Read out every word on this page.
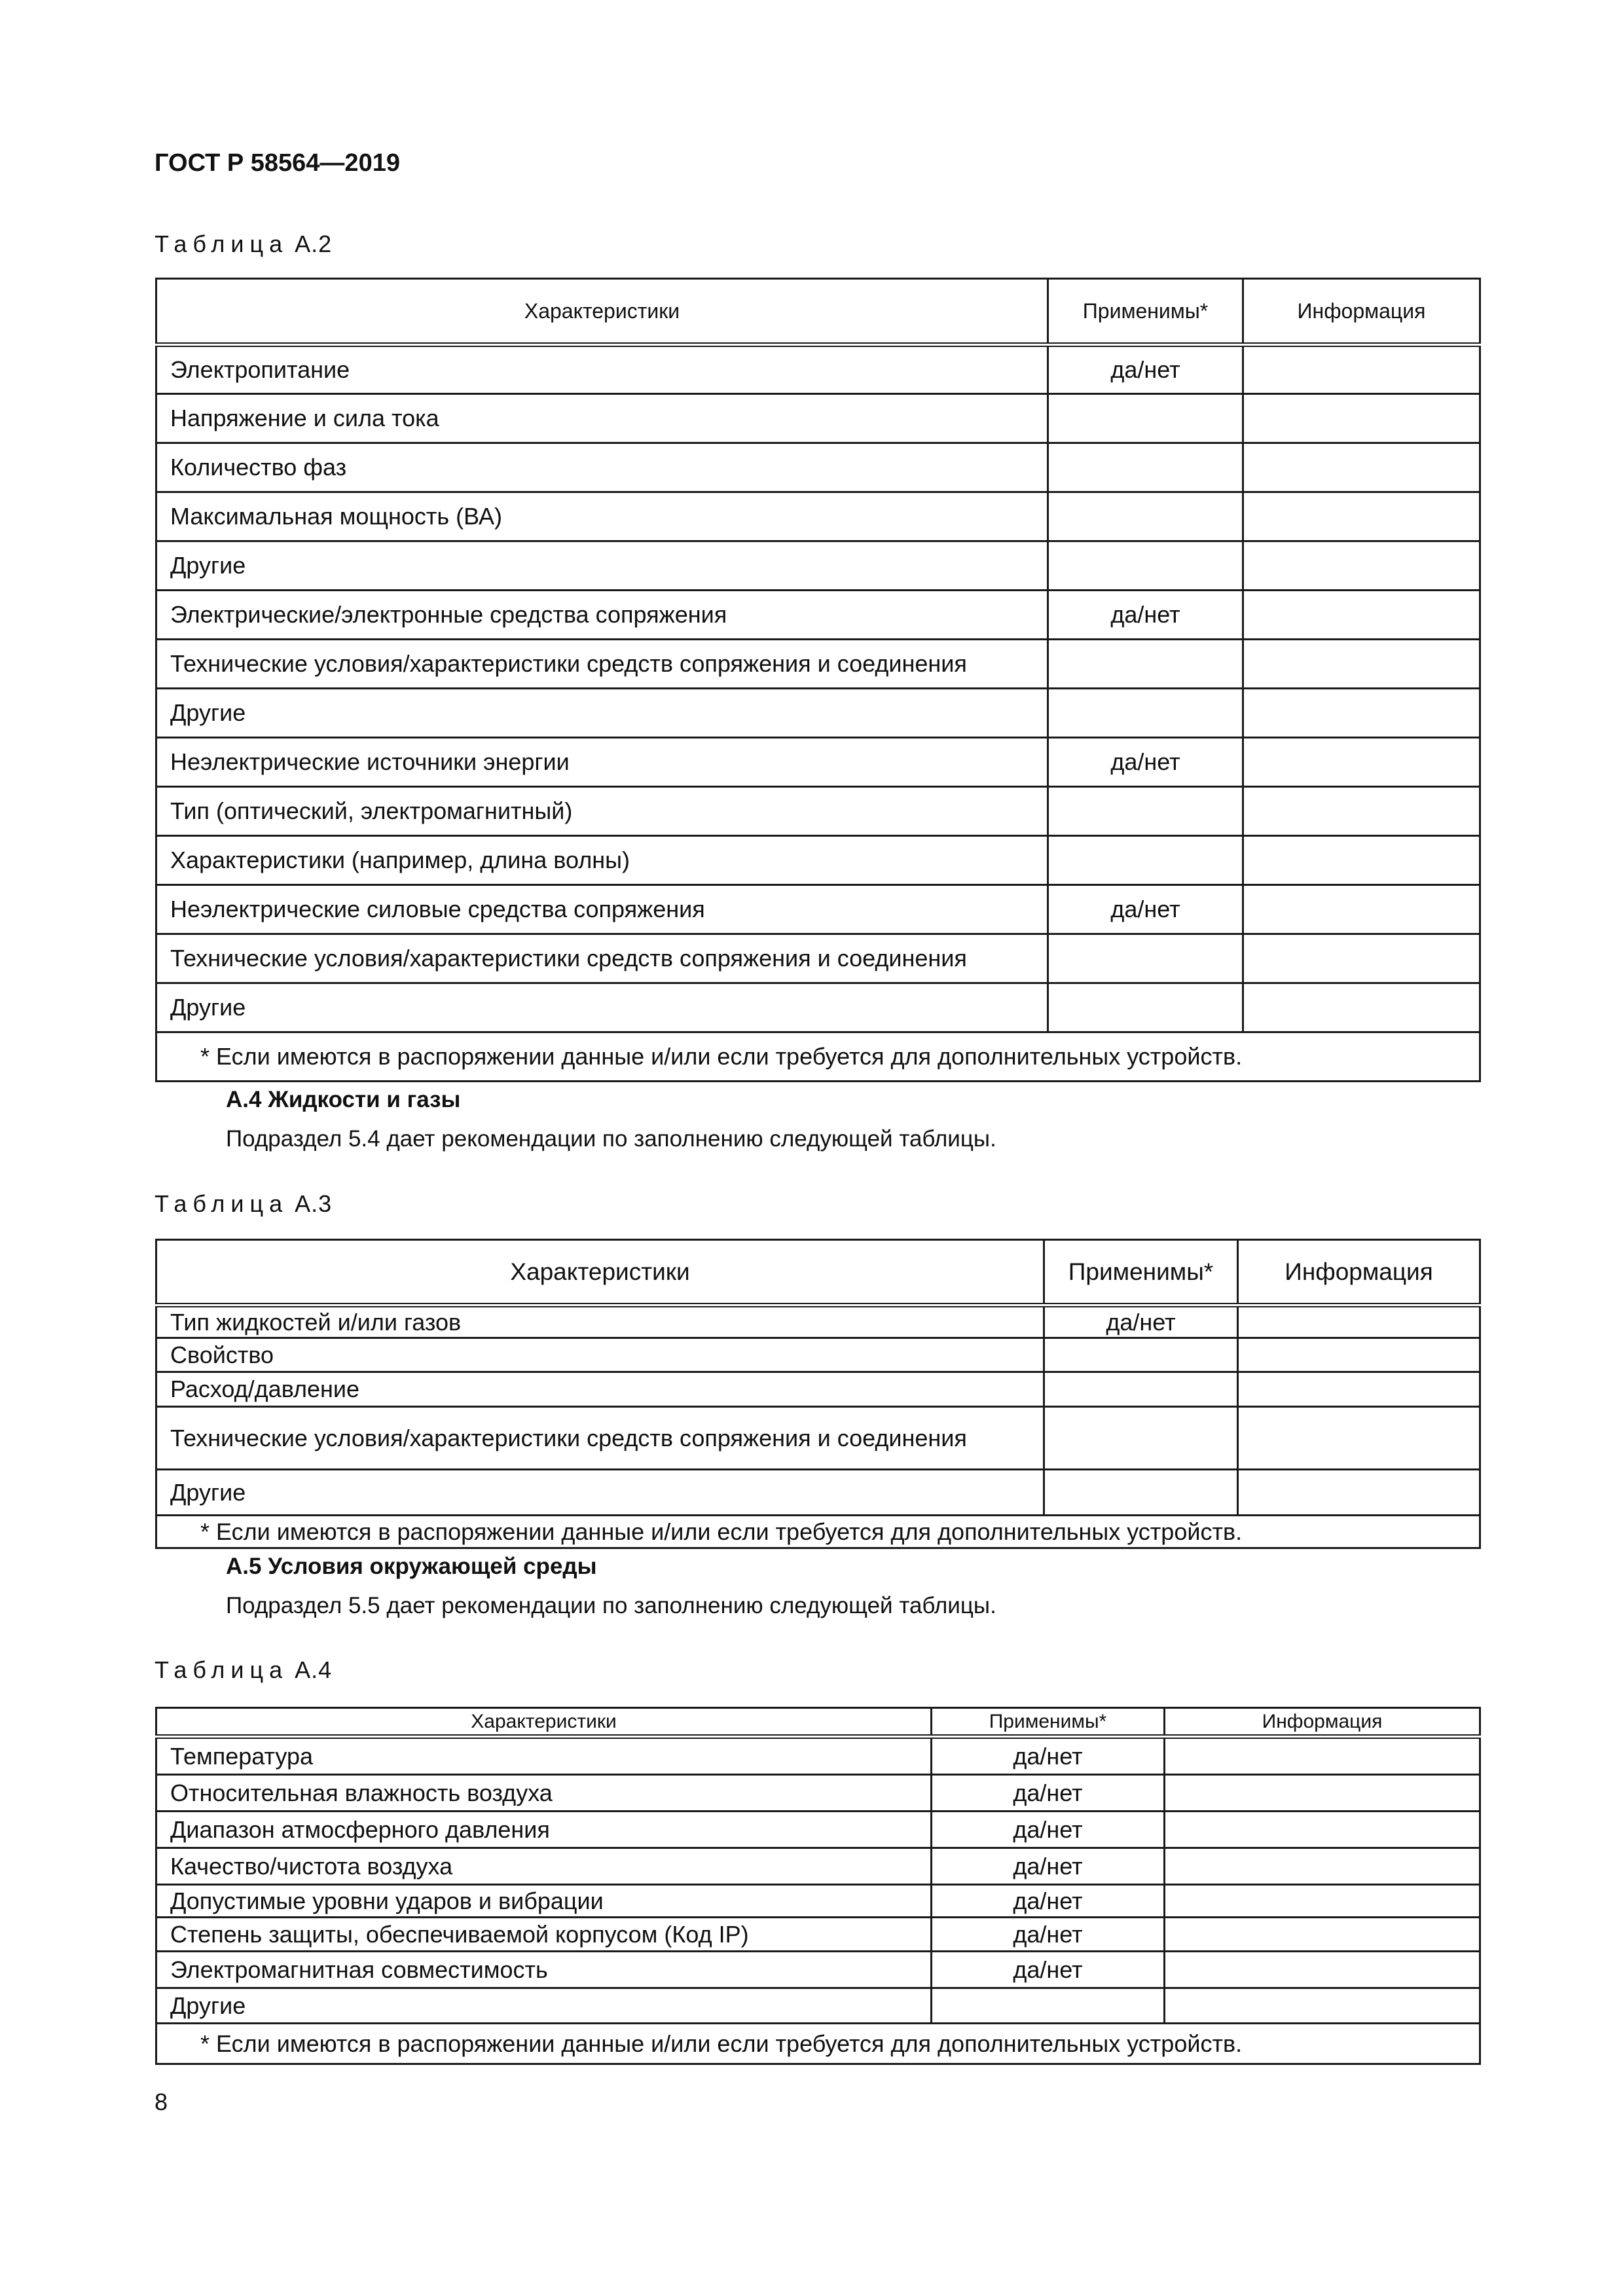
ГОСТ Р 58564—2019
Таблица А.2
Характеристики	Применимы*	Информация
Электропитание	да/нет	
Напряжение и сила тока		
Количество фаз		
Максимальная мощность (ВА)		
Другие		
Электрические/электронные средства сопряжения	да/нет	
Технические условия/характеристики средств сопряжения и соединения		
Другие		
Неэлектрические источники энергии	да/нет	
Тип (оптический, электромагнитный)		
Характеристики (например, длина волны)		
Неэлектрические силовые средства сопряжения	да/нет	
Технические условия/характеристики средств сопряжения и соединения		
Другие		
* Если имеются в распоряжении данные и/или если требуется для дополнительных устройств.		
А.4 Жидкости и газы
Подраздел 5.4 дает рекомендации по заполнению следующей таблицы.
Таблица А.3
Характеристики	Применимы*	Информация
Тип жидкостей и/или газов	да/нет	
Свойство		
Расход/давление		
Технические условия/характеристики средств сопряжения и соединения		
Другие		
* Если имеются в распоряжении данные и/или если требуется для дополнительных устройств.		
А.5 Условия окружающей среды
Подраздел 5.5 дает рекомендации по заполнению следующей таблицы.
Таблица А.4
Характеристики	Применимы*	Информация
Температура	да/нет	
Относительная влажность воздуха	да/нет	
Диапазон атмосферного давления	да/нет	
Качество/чистота воздуха	да/нет	
Допустимые уровни ударов и вибрации	да/нет	
Степень защиты, обеспечиваемой корпусом (Код IP)	да/нет	
Электромагнитная совместимость	да/нет	
Другие		
* Если имеются в распоряжении данные и/или если требуется для дополнительных устройств.		
8
